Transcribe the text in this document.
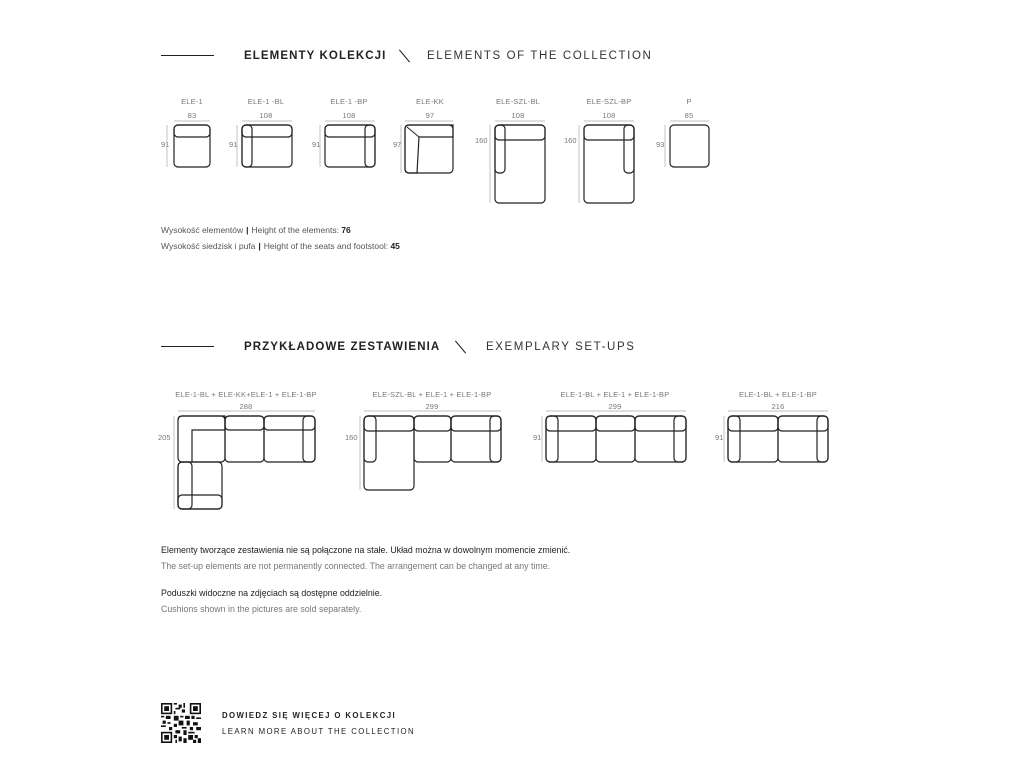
ELEMENTY KOLEKCJI	ELEMENTS OF THE COLLECTION
ELE-1
83
91
ELE-1 -BL
108
91
ELE-1 -BP
108
91
ELE-KK
97
97
ELE-SZL-BL
108
160
ELE-SZL-BP
108
160
P
85
93
Wysokość elementów | Height of the elements: 76
Wysokość siedzisk i pufa | Height of the seats and footstool: 45
PRZYKŁADOWE ZESTAWIENIA	EXEMPLARY SET-UPS
ELE-1-BL + ELE-KK+ELE-1 + ELE-1-BP
288
205
ELE-SZL-BL + ELE-1 + ELE-1-BP
299
160
ELE-1-BL + ELE-1 + ELE-1-BP
299
91
ELE-1-BL + ELE-1-BP
216
91
Elementy tworzące zestawienia nie są połączone na stałe. Układ można w dowolnym momencie zmienić.
The set-up elements are not permanently connected. The arrangement can be changed at any time.
Poduszki widoczne na zdjęciach są dostępne oddzielnie.
Cushions shown in the pictures are sold separately.
DOWIEDZ SIĘ WIĘCEJ O KOLEKCJI
LEARN MORE ABOUT THE COLLECTION
